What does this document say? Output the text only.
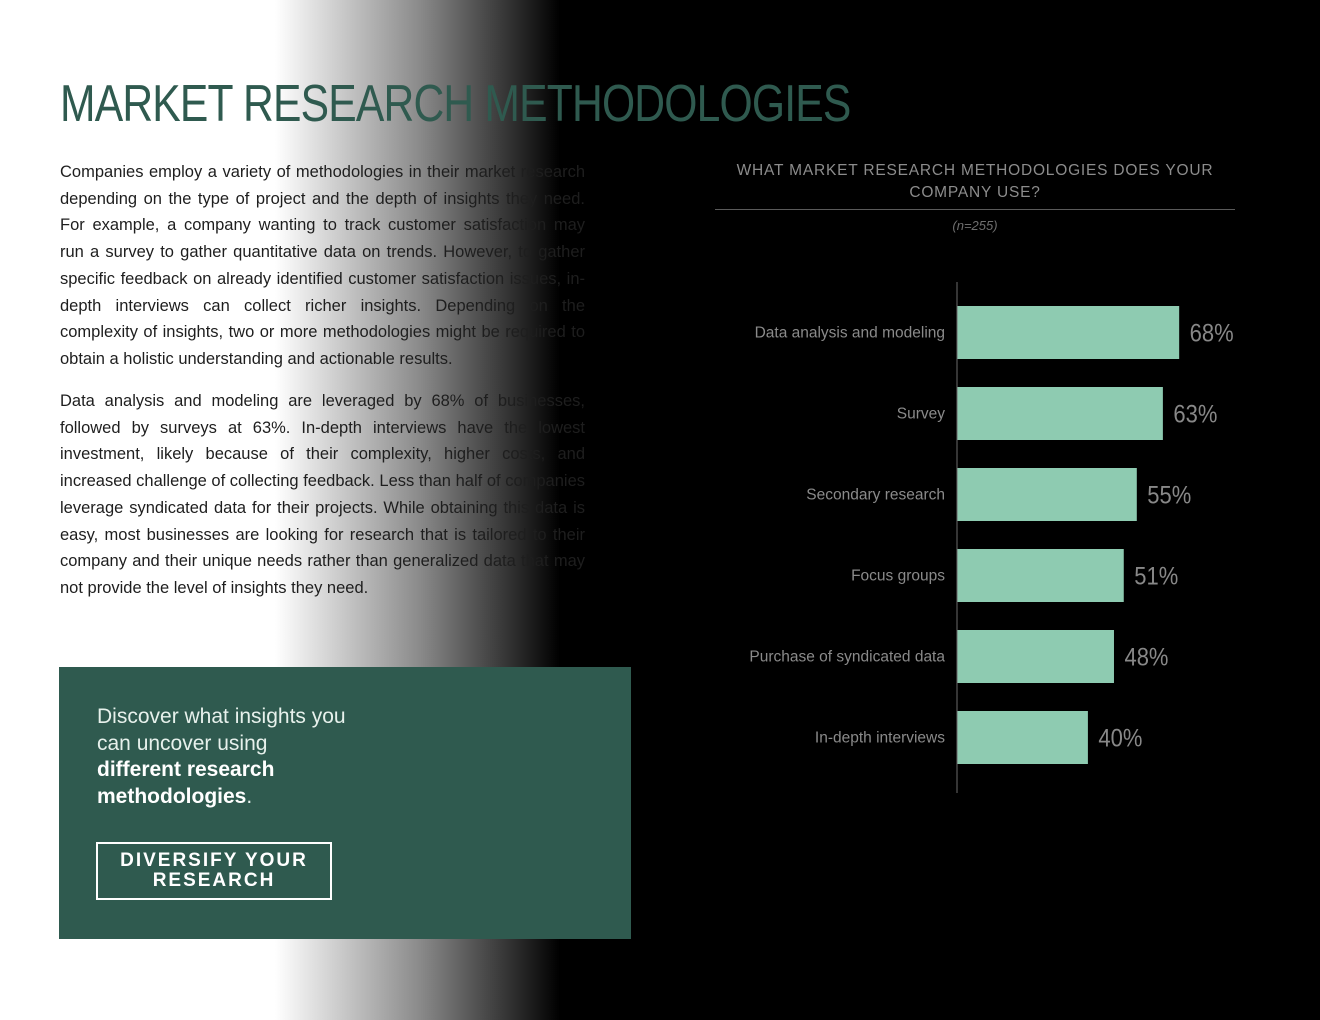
MARKET RESEARCH METHODOLOGIES

Companies employ a variety of methodologies in their market research depending on the type of project and the depth of insights they need. For example, a company wanting to track customer satisfaction may run a survey to gather quantitative data on trends. However, to gather specific feedback on already identified customer satisfaction issues, in-depth interviews can collect richer insights. Depending on the complexity of insights, two or more methodologies might be required to obtain a holistic understanding and actionable results.

Data analysis and modeling are leveraged by 68% of businesses, followed by surveys at 63%. In-depth interviews have the lowest investment, likely because of their complexity, higher costs, and increased challenge of collecting feedback. Less than half of companies leverage syndicated data for their projects. While obtaining this data is easy, most businesses are looking for research that is tailored to their company and their unique needs rather than generalized data that may not provide the level of insights they need.

Discover what insights you can uncover using different research methodologies.

DIVERSIFY YOUR RESEARCH
WHAT MARKET RESEARCH METHODOLOGIES DOES YOUR COMPANY USE?
(n=255)
Data analysis and modeling	68%
Survey	63%
Secondary research	55%
Focus groups	51%
Purchase of syndicated data	48%
In-depth interviews	40%
